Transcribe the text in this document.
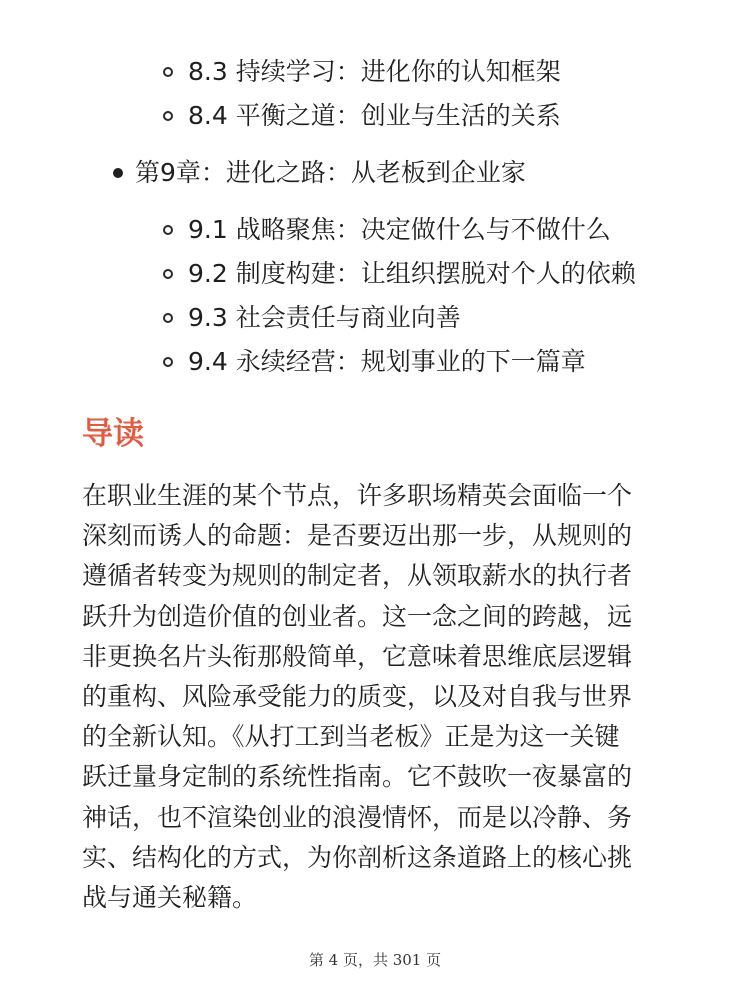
8.3 持续学习：进化你的认知框架
8.4 平衡之道：创业与生活的关系
第9章：进化之路：从老板到企业家
9.1 战略聚焦：决定做什么与不做什么
9.2 制度构建：让组织摆脱对个人的依赖
9.3 社会责任与商业向善
9.4 永续经营：规划事业的下一篇章
导读
在职业生涯的某个节点，许多职场精英会面临一个
深刻而诱人的命题：是否要迈出那一步，从规则的
遵循者转变为规则的制定者，从领取薪水的执行者
跃升为创造价值的创业者。这一念之间的跨越，远
非更换名片头衔那般简单，它意味着思维底层逻辑
的重构、风险承受能力的质变，以及对自我与世界
的全新认知。《从打工到当老板》正是为这一关键
跃迁量身定制的系统性指南。它不鼓吹一夜暴富的
神话，也不渲染创业的浪漫情怀，而是以冷静、务
实、结构化的方式，为你剖析这条道路上的核心挑
战与通关秘籍。
第 4 页，共 301 页
